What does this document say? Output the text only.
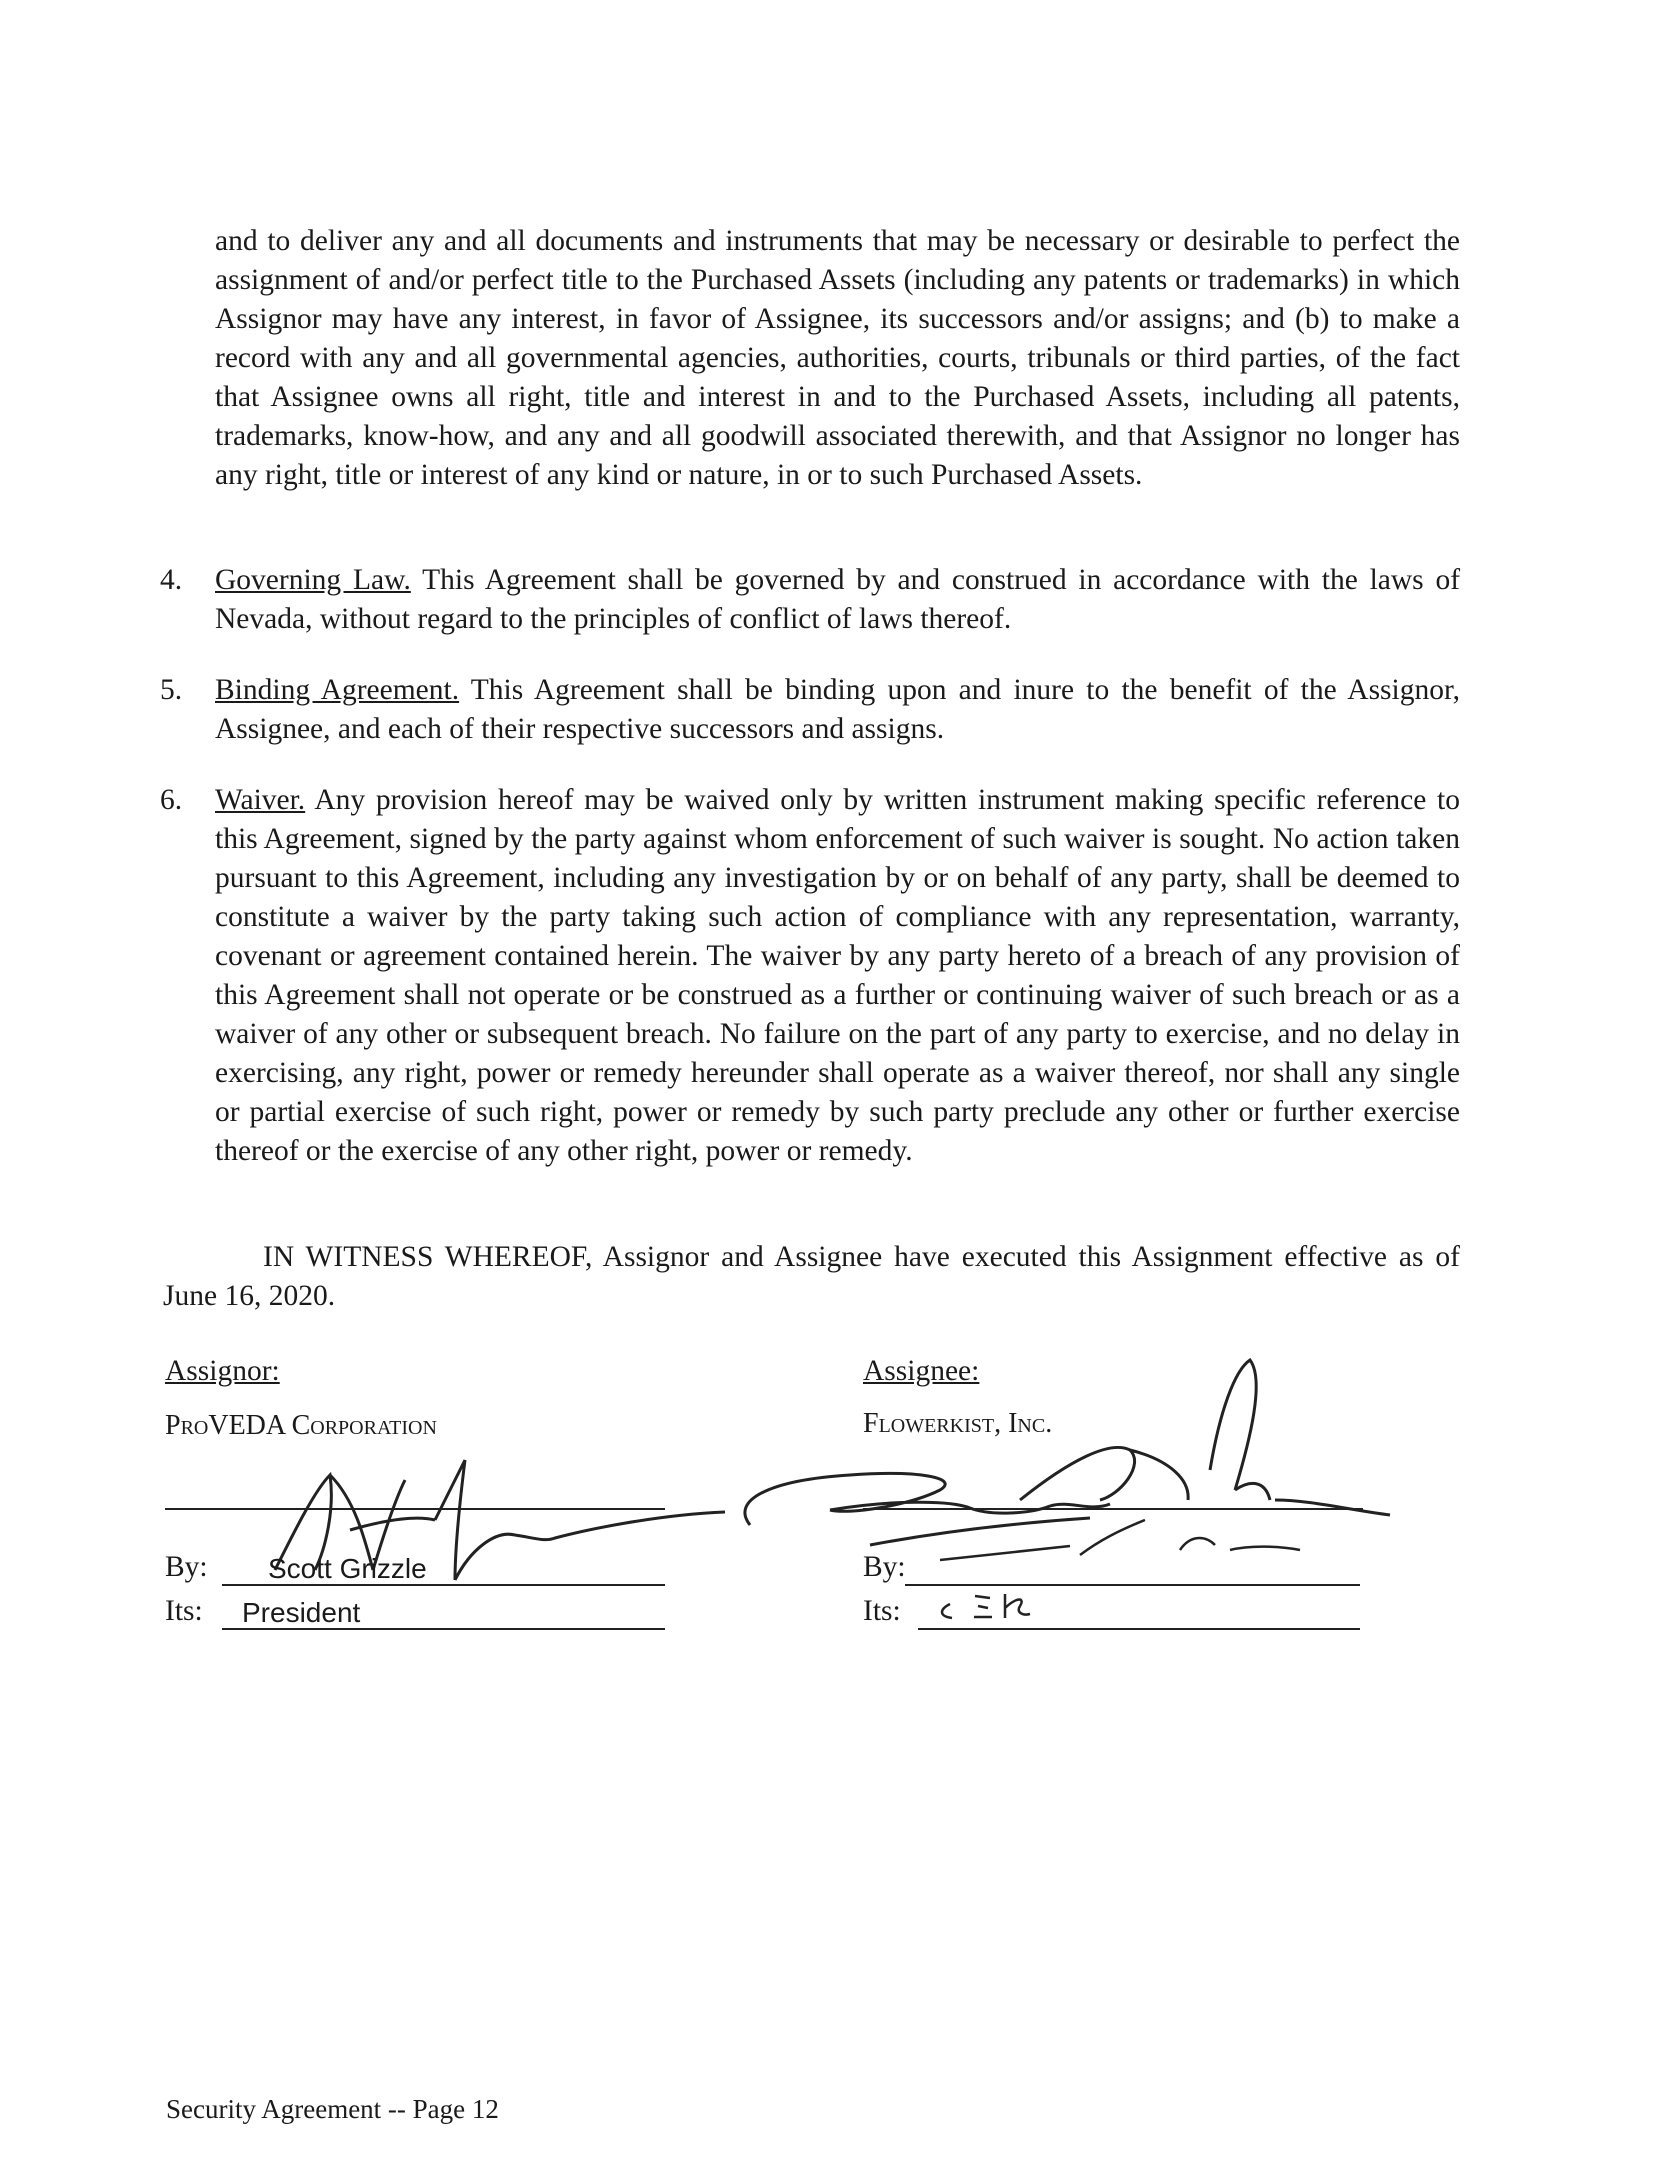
and to deliver any and all documents and instruments that may be necessary or desirable to perfect the assignment of and/or perfect title to the Purchased Assets (including any patents or trademarks) in which Assignor may have any interest, in favor of Assignee, its successors and/or assigns; and (b) to make a record with any and all governmental agencies, authorities, courts, tribunals or third parties, of the fact that Assignee owns all right, title and interest in and to the Purchased Assets, including all patents, trademarks, know-how, and any and all goodwill associated therewith, and that Assignor no longer has any right, title or interest of any kind or nature, in or to such Purchased Assets.
4.	Governing Law. This Agreement shall be governed by and construed in accordance with the laws of Nevada, without regard to the principles of conflict of laws thereof.
5.	Binding Agreement. This Agreement shall be binding upon and inure to the benefit of the Assignor, Assignee, and each of their respective successors and assigns.
6.	Waiver. Any provision hereof may be waived only by written instrument making specific reference to this Agreement, signed by the party against whom enforcement of such waiver is sought. No action taken pursuant to this Agreement, including any investigation by or on behalf of any party, shall be deemed to constitute a waiver by the party taking such action of compliance with any representation, warranty, covenant or agreement contained herein. The waiver by any party hereto of a breach of any provision of this Agreement shall not operate or be construed as a further or continuing waiver of such breach or as a waiver of any other or subsequent breach. No failure on the part of any party to exercise, and no delay in exercising, any right, power or remedy hereunder shall operate as a waiver thereof, nor shall any single or partial exercise of such right, power or remedy by such party preclude any other or further exercise thereof or the exercise of any other right, power or remedy.
IN WITNESS WHEREOF, Assignor and Assignee have executed this Assignment effective as of June 16, 2020.
Assignor:
ProVEDA Corporation
By: Scott Grizzle
Its: President
Assignee:
Flowerkist, Inc.
By:
Its:
Security Agreement -- Page 12
